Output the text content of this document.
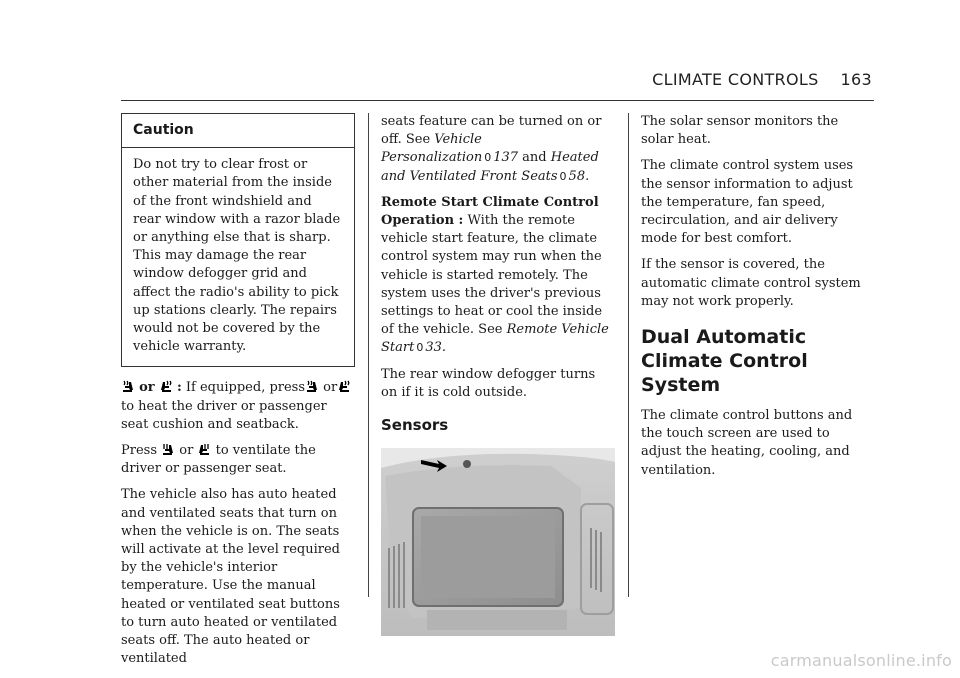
CLIMATE CONTROLS 163
Caution
Do not try to clear frost or other material from the inside of the front windshield and rear window with a razor blade or anything else that is sharp. This may damage the rear window defogger grid and affect the radio's ability to pick up stations clearly. The repairs would not be covered by the vehicle warranty.

or : If equipped, press or
to heat the driver or passenger seat cushion and seatback.

Press or to ventilate the driver or passenger seat.

The vehicle also has auto heated and ventilated seats that turn on when the vehicle is on. The seats will activate at the level required by the vehicle's interior temperature. Use the manual heated or ventilated seat buttons to turn auto heated or ventilated seats off. The auto heated or ventilated

seats feature can be turned on or off. See Vehicle Personalization 0 137 and Heated and Ventilated Front Seats 0 58.

Remote Start Climate Control Operation : With the remote vehicle start feature, the climate control system may run when the vehicle is started remotely. The system uses the driver's previous settings to heat or cool the inside of the vehicle. See Remote Vehicle Start 0 33.

The rear window defogger turns on if it is cold outside.

Sensors

The solar sensor monitors the solar heat.

The climate control system uses the sensor information to adjust the temperature, fan speed, recirculation, and air delivery mode for best comfort.

If the sensor is covered, the automatic climate control system may not work properly.

Dual Automatic Climate Control System

The climate control buttons and the touch screen are used to adjust the heating, cooling, and ventilation.

carmanualsonline.info
